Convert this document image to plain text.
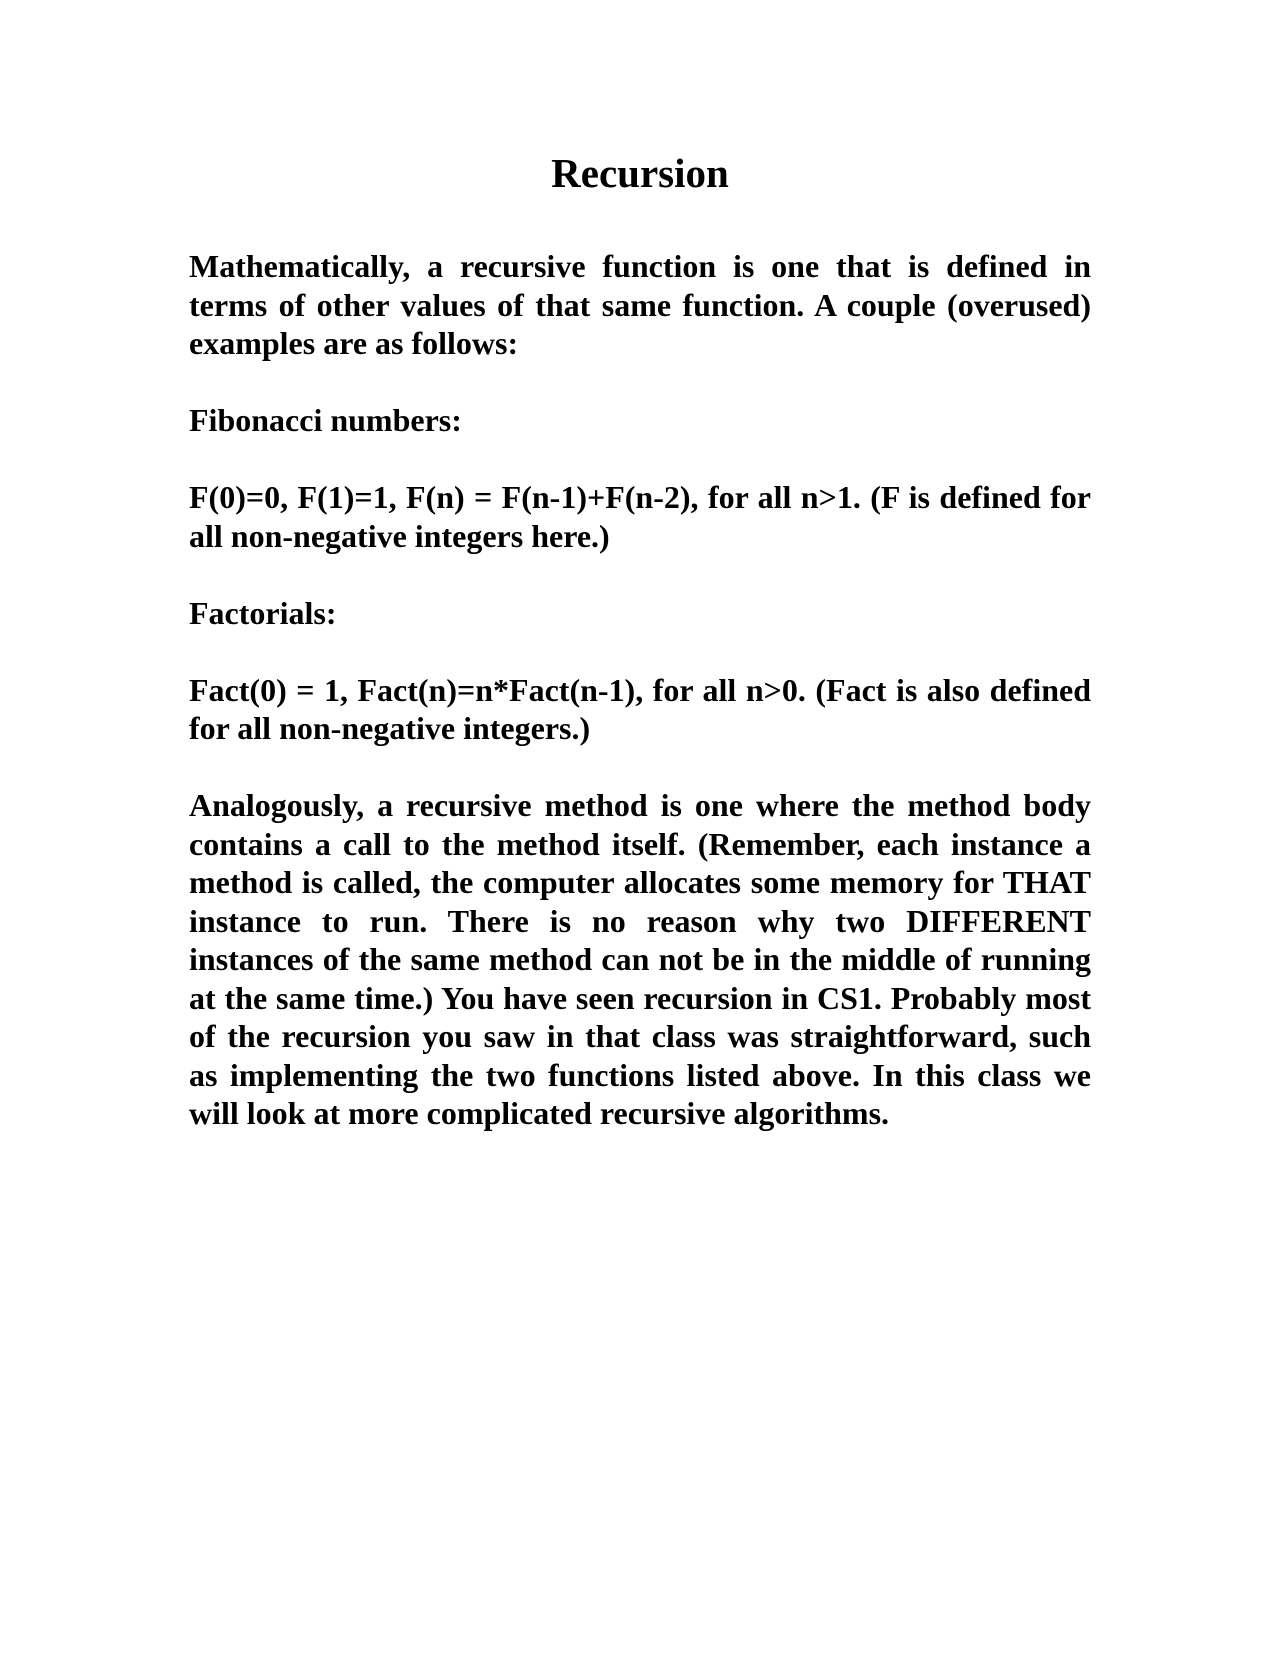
Recursion

Mathematically, a recursive function is one that is defined in terms of other values of that same function. A couple (overused) examples are as follows:

Fibonacci numbers:

F(0)=0, F(1)=1, F(n) = F(n-1)+F(n-2), for all n>1. (F is defined for all non-negative integers here.)

Factorials:

Fact(0) = 1, Fact(n)=n*Fact(n-1), for all n>0. (Fact is also defined for all non-negative integers.)

Analogously, a recursive method is one where the method body contains a call to the method itself. (Remember, each instance a method is called, the computer allocates some memory for THAT instance to run. There is no reason why two DIFFERENT instances of the same method can not be in the middle of running at the same time.) You have seen recursion in CS1. Probably most of the recursion you saw in that class was straightforward, such as implementing the two functions listed above. In this class we will look at more complicated recursive algorithms.
